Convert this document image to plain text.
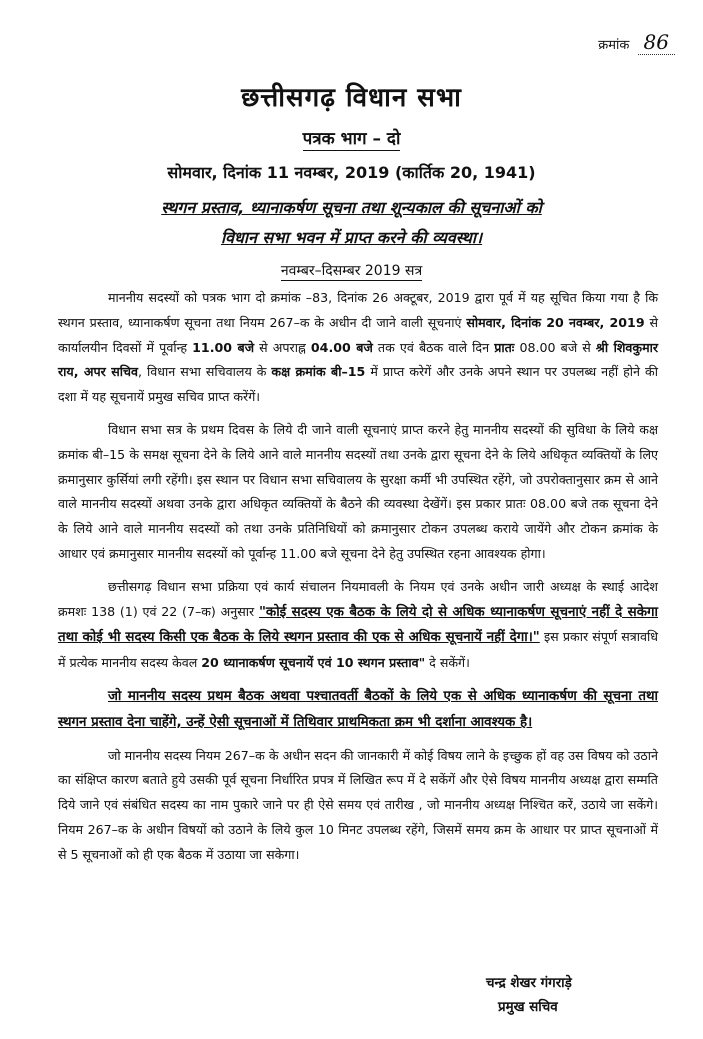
क्रमांक 86
छत्तीसगढ़ विधान सभा
पत्रक भाग – दो
सोमवार, दिनांक 11 नवम्बर, 2019 (कार्तिक 20, 1941)
स्थगन प्रस्ताव, ध्यानाकर्षण सूचना तथा शून्यकाल की सूचनाओं को
विधान सभा भवन में प्राप्त करने की व्यवस्था।
नवम्बर–दिसम्बर 2019 सत्र

माननीय सदस्यों को पत्रक भाग दो क्रमांक –83, दिनांक 26 अक्टूबर, 2019 द्वारा पूर्व में यह सूचित किया गया है कि स्थगन प्रस्ताव, ध्यानाकर्षण सूचना तथा नियम 267–क के अधीन दी जाने वाली सूचनाएं सोमवार, दिनांक 20 नवम्बर, 2019 से कार्यालयीन दिवसों में पूर्वान्ह 11.00 बजे से अपराह्न 04.00 बजे तक एवं बैठक वाले दिन प्रातः 08.00 बजे से श्री शिवकुमार राय, अपर सचिव, विधान सभा सचिवालय के कक्ष क्रमांक बी–15 में प्राप्त करेगें और उनके अपने स्थान पर उपलब्ध नहीं होने की दशा में यह सूचनायें प्रमुख सचिव प्राप्त करेंगें।

विधान सभा सत्र के प्रथम दिवस के लिये दी जाने वाली सूचनाएं प्राप्त करने हेतु माननीय सदस्यों की सुविधा के लिये कक्ष क्रमांक बी–15 के समक्ष सूचना देने के लिये आने वाले माननीय सदस्यों तथा उनके द्वारा सूचना देने के लिये अधिकृत व्यक्तियों के लिए क्रमानुसार कुर्सियां लगी रहेंगी। इस स्थान पर विधान सभा सचिवालय के सुरक्षा कर्मी भी उपस्थित रहेंगे, जो उपरोक्तानुसार क्रम से आने वाले माननीय सदस्यों अथवा उनके द्वारा अधिकृत व्यक्तियों के बैठने की व्यवस्था देखेंगें। इस प्रकार प्रातः 08.00 बजे तक सूचना देने के लिये आने वाले माननीय सदस्यों को तथा उनके प्रतिनिधियों को क्रमानुसार टोकन उपलब्ध कराये जायेंगे और टोकन क्रमांक के आधार एवं क्रमानुसार माननीय सदस्यों को पूर्वान्ह 11.00 बजे सूचना देने हेतु उपस्थित रहना आवश्यक होगा।

छत्तीसगढ़ विधान सभा प्रक्रिया एवं कार्य संचालन नियमावली के नियम एवं उनके अधीन जारी अध्यक्ष के स्थाई आदेश क्रमशः 138 (1) एवं 22 (7–क) अनुसार "कोई सदस्य एक बैठक के लिये दो से अधिक ध्यानाकर्षण सूचनाएं नहीं दे सकेगा तथा कोई भी सदस्य किसी एक बैठक के लिये स्थगन प्रस्ताव की एक से अधिक सूचनायें नहीं देगा।" इस प्रकार संपूर्ण सत्रावधि में प्रत्येक माननीय सदस्य केवल 20 ध्यानाकर्षण सूचनायें एवं 10 स्थगन प्रस्ताव" दे सकेंगें।

जो माननीय सदस्य प्रथम बैठक अथवा पश्चातवर्ती बैठकों के लिये एक से अधिक ध्यानाकर्षण की सूचना तथा स्थगन प्रस्ताव देना चाहेंगे, उन्हें ऐसी सूचनाओं में तिथिवार प्राथमिकता क्रम भी दर्शाना आवश्यक है।

जो माननीय सदस्य नियम 267–क के अधीन सदन की जानकारी में कोई विषय लाने के इच्छुक हों वह उस विषय को उठाने का संक्षिप्त कारण बताते हुये उसकी पूर्व सूचना निर्धारित प्रपत्र में लिखित रूप में दे सकेंगें और ऐसे विषय माननीय अध्यक्ष द्वारा सम्मति दिये जाने एवं संबंधित सदस्य का नाम पुकारे जाने पर ही ऐसे समय एवं तारीख , जो माननीय अध्यक्ष निश्चित करें, उठाये जा सकेंगे। नियम 267–क के अधीन विषयों को उठाने के लिये कुल 10 मिनट उपलब्ध रहेंगे, जिसमें समय क्रम के आधार पर प्राप्त सूचनाओं में से 5 सूचनाओं को ही एक बैठक में उठाया जा सकेगा।

चन्द्र शेखर गंगराड़े
प्रमुख सचिव
